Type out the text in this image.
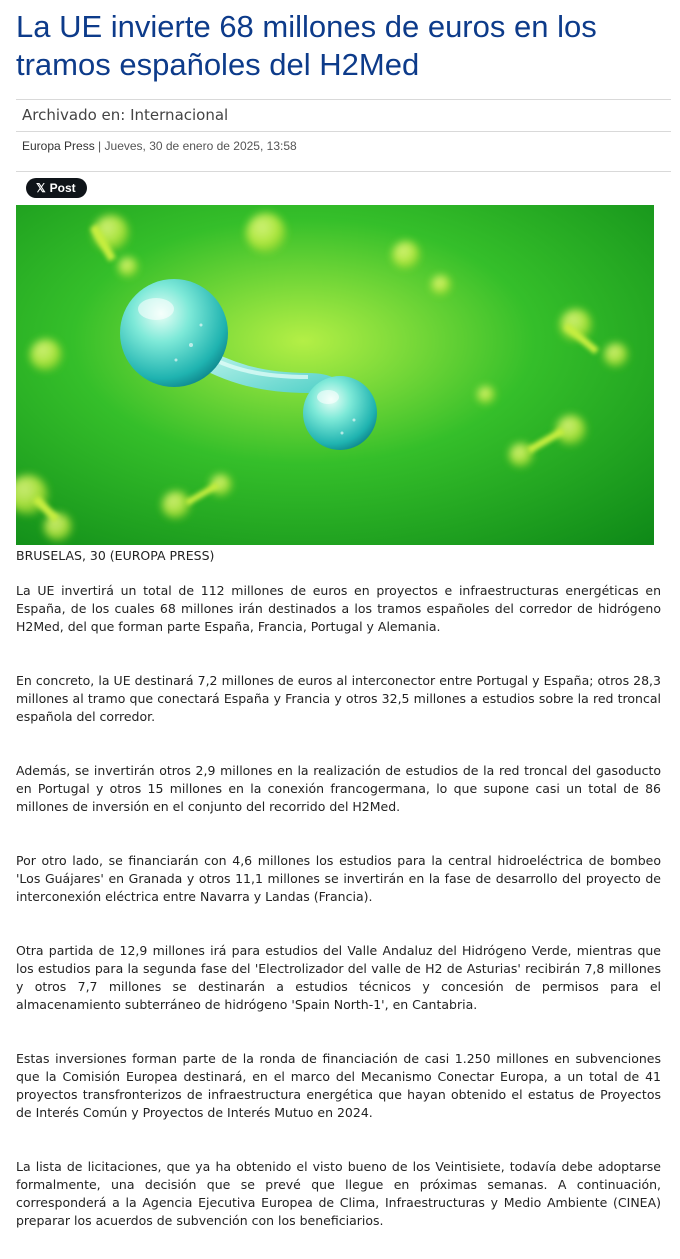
La UE invierte 68 millones de euros en los tramos españoles del H2Med
Archivado en: Internacional
Europa Press | Jueves, 30 de enero de 2025, 13:58
𝕏 Post
BRUSELAS, 30 (EUROPA PRESS)

La UE invertirá un total de 112 millones de euros en proyectos e infraestructuras energéticas en España, de los cuales 68 millones irán destinados a los tramos españoles del corredor de hidrógeno H2Med, del que forman parte España, Francia, Portugal y Alemania.

En concreto, la UE destinará 7,2 millones de euros al interconector entre Portugal y España; otros 28,3 millones al tramo que conectará España y Francia y otros 32,5 millones a estudios sobre la red troncal española del corredor.

Además, se invertirán otros 2,9 millones en la realización de estudios de la red troncal del gasoducto en Portugal y otros 15 millones en la conexión francogermana, lo que supone casi un total de 86 millones de inversión en el conjunto del recorrido del H2Med.

Por otro lado, se financiarán con 4,6 millones los estudios para la central hidroeléctrica de bombeo 'Los Guájares' en Granada y otros 11,1 millones se invertirán en la fase de desarrollo del proyecto de interconexión eléctrica entre Navarra y Landas (Francia).

Otra partida de 12,9 millones irá para estudios del Valle Andaluz del Hidrógeno Verde, mientras que los estudios para la segunda fase del 'Electrolizador del valle de H2 de Asturias' recibirán 7,8 millones y otros 7,7 millones se destinarán a estudios técnicos y concesión de permisos para el almacenamiento subterráneo de hidrógeno 'Spain North-1', en Cantabria.

Estas inversiones forman parte de la ronda de financiación de casi 1.250 millones en subvenciones que la Comisión Europea destinará, en el marco del Mecanismo Conectar Europa, a un total de 41 proyectos transfronterizos de infraestructura energética que hayan obtenido el estatus de Proyectos de Interés Común y Proyectos de Interés Mutuo en 2024.

La lista de licitaciones, que ya ha obtenido el visto bueno de los Veintisiete, todavía debe adoptarse formalmente, una decisión que se prevé que llegue en próximas semanas. A continuación, corresponderá a la Agencia Ejecutiva Europea de Clima, Infraestructuras y Medio Ambiente (CINEA) preparar los acuerdos de subvención con los beneficiarios.
